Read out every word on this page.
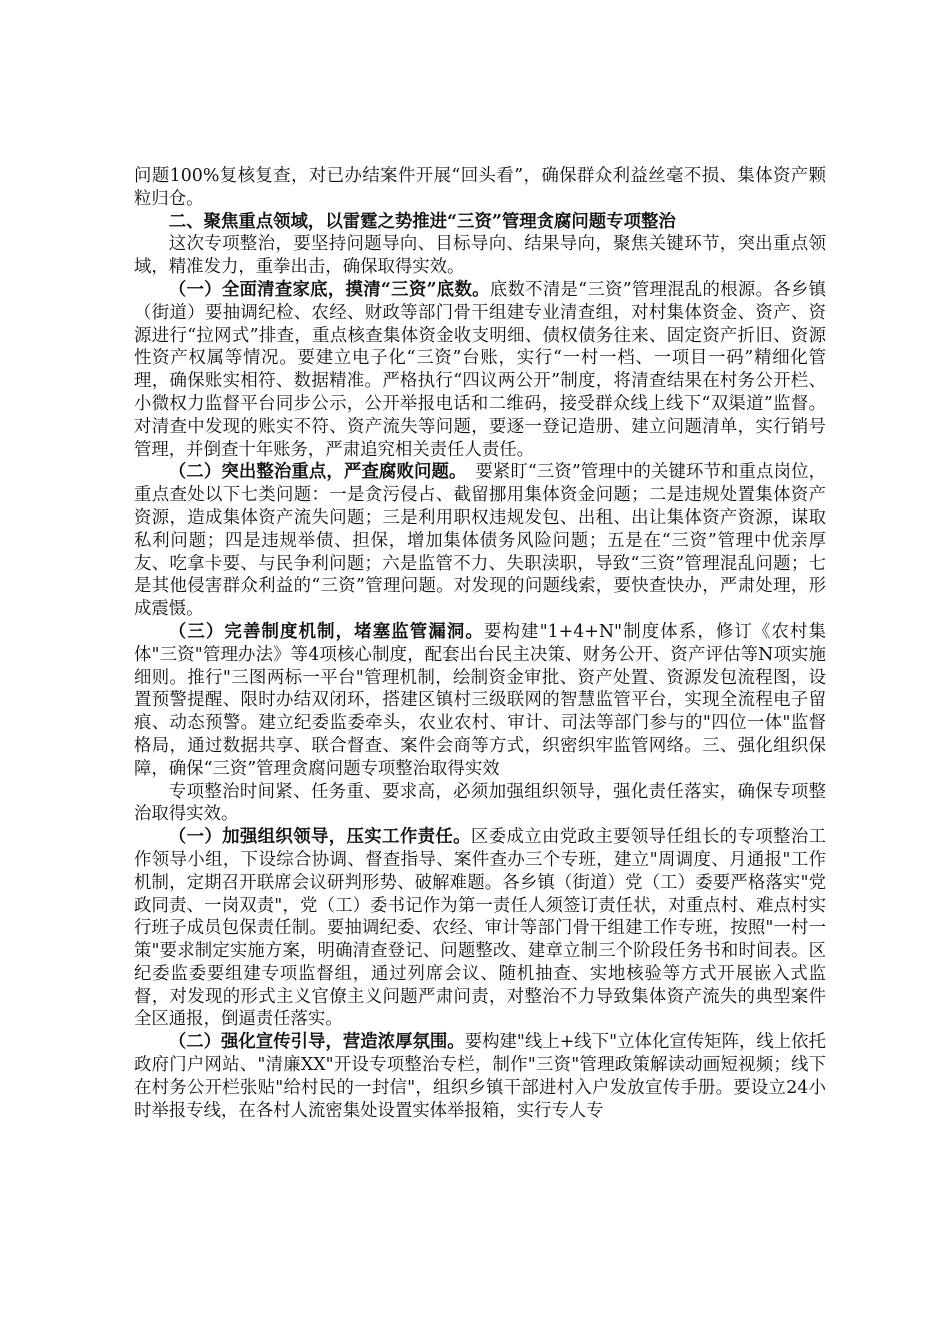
问题100%复核复查，对已办结案件开展“回头看”，确保群众利益丝毫不损、集体资产颗粒归仓。

二、聚焦重点领域，以雷霆之势推进“三资”管理贪腐问题专项整治

这次专项整治，要坚持问题导向、目标导向、结果导向，聚焦关键环节，突出重点领域，精准发力，重拳出击，确保取得实效。

（一）全面清查家底，摸清“三资”底数。底数不清是“三资”管理混乱的根源。各乡镇（街道）要抽调纪检、农经、财政等部门骨干组建专业清查组，对村集体资金、资产、资源进行“拉网式”排查，重点核查集体资金收支明细、债权债务往来、固定资产折旧、资源性资产权属等情况。要建立电子化“三资”台账，实行“一村一档、一项目一码”精细化管理，确保账实相符、数据精准。严格执行“四议两公开”制度，将清查结果在村务公开栏、小微权力监督平台同步公示，公开举报电话和二维码，接受群众线上线下“双渠道”监督。对清查中发现的账实不符、资产流失等问题，要逐一登记造册、建立问题清单，实行销号管理，并倒查十年账务，严肃追究相关责任人责任。

（二）突出整治重点，严查腐败问题。　要紧盯“三资”管理中的关键环节和重点岗位，重点查处以下七类问题：一是贪污侵占、截留挪用集体资金问题；二是违规处置集体资产资源，造成集体资产流失问题；三是利用职权违规发包、出租、出让集体资产资源，谋取私利问题；四是违规举债、担保，增加集体债务风险问题；五是在“三资”管理中优亲厚友、吃拿卡要、与民争利问题；六是监管不力、失职渎职，导致“三资”管理混乱问题；七是其他侵害群众利益的“三资”管理问题。对发现的问题线索，要快查快办，严肃处理，形成震慑。

（三）完善制度机制，堵塞监管漏洞。要构建"1+4+N"制度体系，修订《农村集体"三资"管理办法》等4项核心制度，配套出台民主决策、财务公开、资产评估等N项实施细则。推行"三图两标一平台"管理机制，绘制资金审批、资产处置、资源发包流程图，设置预警提醒、限时办结双闭环，搭建区镇村三级联网的智慧监管平台，实现全流程电子留痕、动态预警。建立纪委监委牵头，农业农村、审计、司法等部门参与的"四位一体"监督格局，通过数据共享、联合督查、案件会商等方式，织密织牢监管网络。三、强化组织保障，确保“三资”管理贪腐问题专项整治取得实效

专项整治时间紧、任务重、要求高，必须加强组织领导，强化责任落实，确保专项整治取得实效。

（一）加强组织领导，压实工作责任。区委成立由党政主要领导任组长的专项整治工作领导小组，下设综合协调、督查指导、案件查办三个专班，建立"周调度、月通报"工作机制，定期召开联席会议研判形势、破解难题。各乡镇（街道）党（工）委要严格落实"党政同责、一岗双责"，党（工）委书记作为第一责任人须签订责任状，对重点村、难点村实行班子成员包保责任制。要抽调纪委、农经、审计等部门骨干组建工作专班，按照"一村一策"要求制定实施方案，明确清查登记、问题整改、建章立制三个阶段任务书和时间表。区纪委监委要组建专项监督组，通过列席会议、随机抽查、实地核验等方式开展嵌入式监督，对发现的形式主义官僚主义问题严肃问责，对整治不力导致集体资产流失的典型案件全区通报，倒逼责任落实。

（二）强化宣传引导，营造浓厚氛围。要构建"线上+线下"立体化宣传矩阵，线上依托政府门户网站、"清廉XX"开设专项整治专栏，制作"三资"管理政策解读动画短视频；线下在村务公开栏张贴"给村民的一封信"，组织乡镇干部进村入户发放宣传手册。要设立24小时举报专线，在各村人流密集处设置实体举报箱，实行专人专
